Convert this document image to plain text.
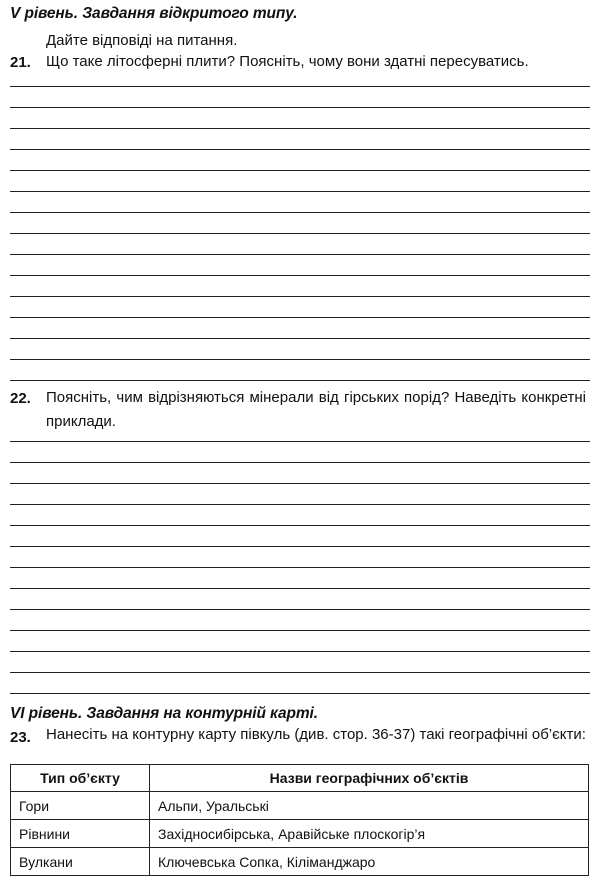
V рівень. Завдання відкритого типу.
Дайте відповіді на питання.
21. Що таке літосферні плити? Поясніть, чому вони здатні пересуватись.
22. Поясніть, чим відрізняються мінерали від гірських порід? Наведіть конкретні приклади.
VI рівень. Завдання на контурній карті.
23. Нанесіть на контурну карту півкуль (див. стор. 36-37) такі географічні об’єкти:
Тип об’єкту	Назви географічних об’єктів
Гори	Альпи, Уральські
Рівнини	Західносибірська, Аравійське плоскогір’я
Вулкани	Ключевська Сопка, Кіліманджаро
